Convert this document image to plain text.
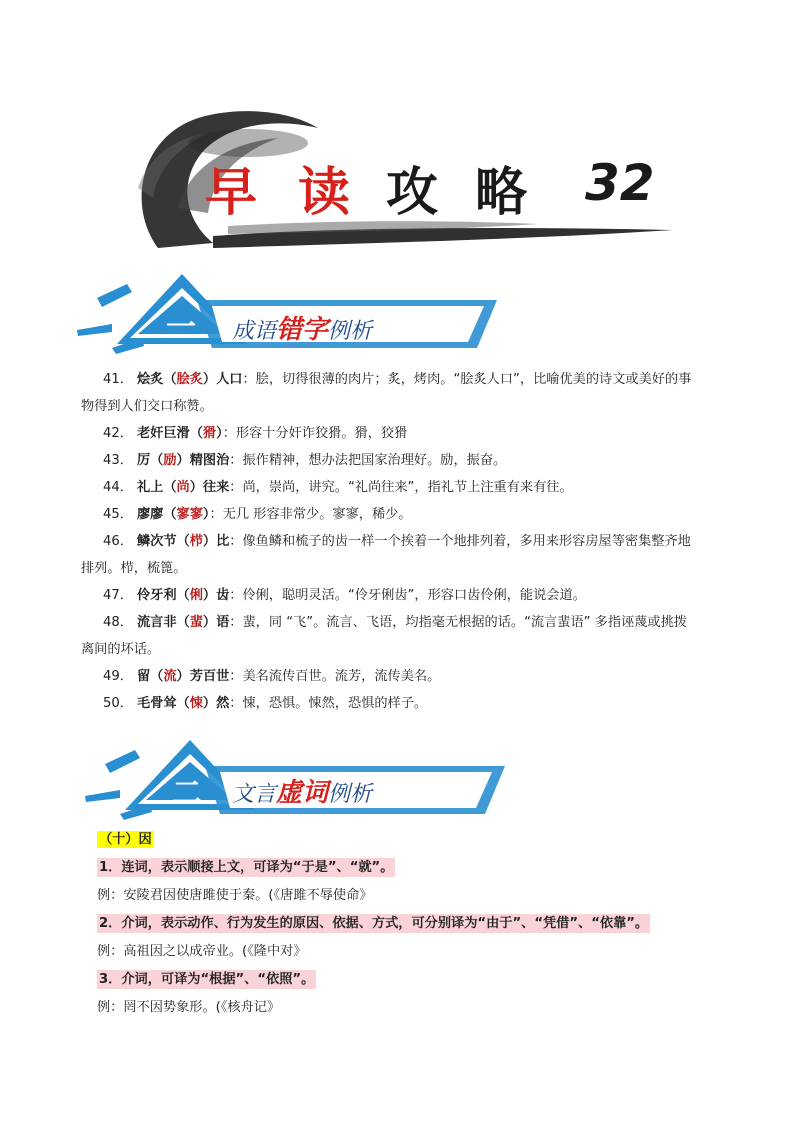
早 读 攻 略 32
一 成语错字例析
41． 烩炙（脍炙）人口：脍，切得很薄的肉片；炙，烤肉。“脍炙人口”，比喻优美的诗文或美好的事
物得到人们交口称赞。
42． 老奸巨滑（猾）：形容十分奸诈狡猾。猾，狡猾
43． 厉（励）精图治：振作精神，想办法把国家治理好。励，振奋。
44． 礼上（尚）往来：尚，崇尚，讲究。“礼尚往来”，指礼节上注重有来有往。
45． 廖廖（寥寥）：无几 形容非常少。寥寥，稀少。
46． 鳞次节（栉）比：像鱼鳞和梳子的齿一样一个挨着一个地排列着，多用来形容房屋等密集整齐地
排列。栉，梳篦。
47． 伶牙利（俐）齿：伶俐，聪明灵活。“伶牙俐齿”，形容口齿伶俐，能说会道。
48． 流言非（蜚）语：蜚，同 “飞”。流言、飞语，均指毫无根据的话。“流言蜚语” 多指诬蔑或挑拨
离间的坏话。
49． 留（流）芳百世：美名流传百世。流芳，流传美名。
50． 毛骨耸（悚）然：悚，恐惧。悚然，恐惧的样子。
二 文言虚词例析
（十）因
1．连词，表示顺接上文，可译为“于是”、“就”。
例：安陵君因使唐雎使于秦。(《唐雎不辱使命》
2．介词，表示动作、行为发生的原因、依据、方式，可分别译为“由于”、“凭借”、“依靠”。
例：高祖因之以成帝业。(《隆中对》
3．介词，可译为“根据”、“依照”。
例：罔不因势象形。(《核舟记》
